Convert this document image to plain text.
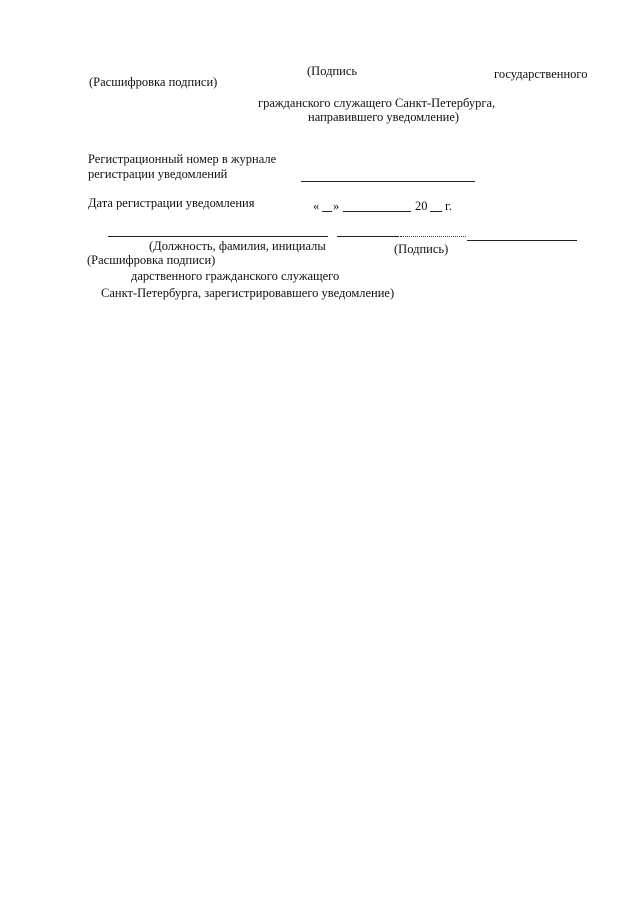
(Подпись	государственного
(Расшифровка подписи)
гражданского служащего Санкт-Петербурга,
направившего уведомление)
Регистрационный номер в журнале
регистрации уведомлений
Дата регистрации уведомления	« »	20 г.
(Должность, фамилия, инициалы	(Подпись)
(Расшифровка подписи)
дарственного гражданского служащего
Санкт-Петербурга, зарегистрировавшего уведомление)
